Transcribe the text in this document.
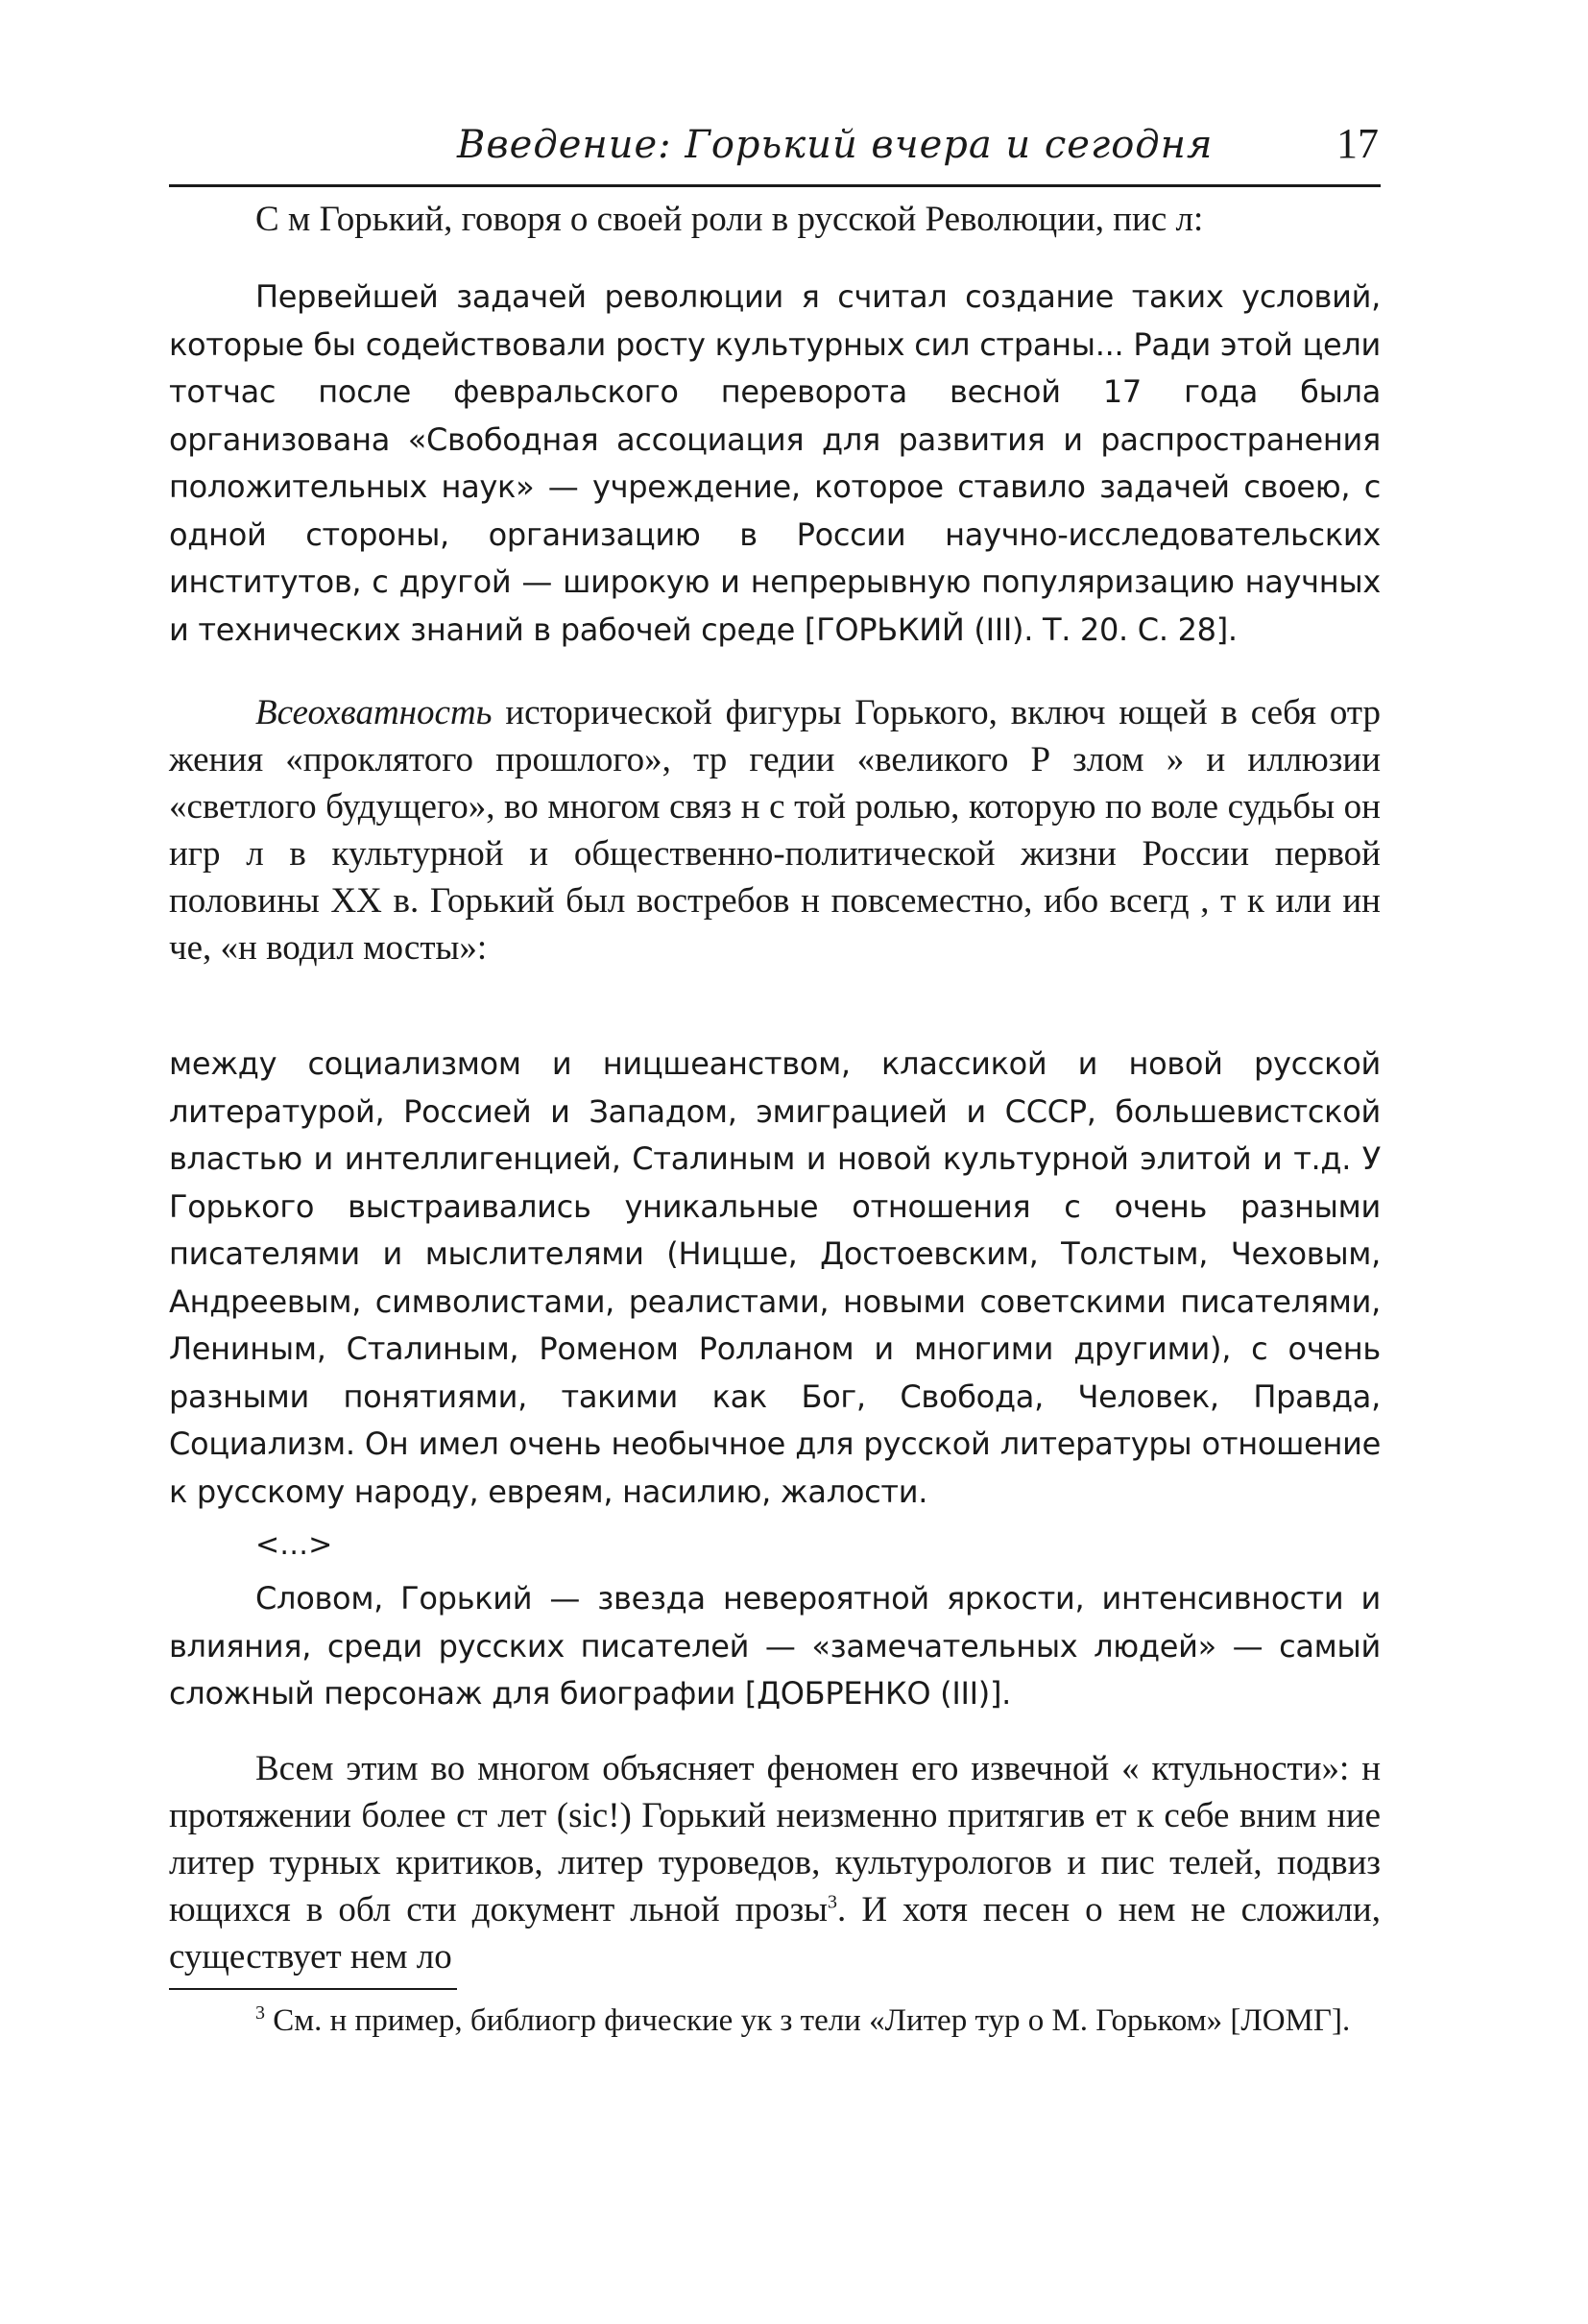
Введение: Горький вчера и сегодня	17

С м Горький, говоря о своей роли в русской Революции, пис л:

Первейшей задачей революции я считал создание таких условий, которые бы содействовали росту культурных сил страны... Ради этой цели тотчас после февральского переворота весной 17 года была организована «Свободная ассоциация для развития и распространения положительных наук» — учреждение, которое ставило задачей своею, с одной стороны, организацию в России научно-исследовательских институтов, с другой — широкую и непрерывную популяризацию научных и технических знаний в рабочей среде [ГОРЬКИЙ (III). Т. 20. С. 28].

Всеохватность исторической фигуры Горького, включ ющей в себя отр жения «проклятого прошлого», тр гедии «великого Р злом » и иллюзии «светлого будущего», во многом связ н с той ролью, которую по воле судьбы он игр л в культурной и общественно-политической жизни России первой половины XX в. Горький был востребов н повсеместно, ибо всегд , т к или ин че, «н водил мосты»:

между социализмом и ницшеанством, классикой и новой русской литературой, Россией и Западом, эмиграцией и СССР, большевистской властью и интеллигенцией, Сталиным и новой культурной элитой и т.д. У Горького выстраивались уникальные отношения с очень разными писателями и мыслителями (Ницше, Достоевским, Толстым, Чеховым, Андреевым, символистами, реалистами, новыми советскими писателями, Лениным, Сталиным, Роменом Ролланом и многими другими), с очень разными понятиями, такими как Бог, Свобода, Человек, Правда, Социализм. Он имел очень необычное для русской литературы отношение к русскому народу, евреям, насилию, жалости.

<…>

Словом, Горький — звезда невероятной яркости, интенсивности и влияния, среди русских писателей — «замечательных людей» — самый сложный персонаж для биографии [ДОБРЕНКО (III)].

Всем этим во многом объясняет феномен его извечной « ктульности»: н протяжении более ст лет (sic!) Горький неизменно притягив ет к себе вним ние литер турных критиков, литер туроведов, культурологов и пис телей, подвиз ющихся в обл сти документ льной прозы$^3$. И хотя песен о нем не сложили, существует нем ло

$^3$ См. н пример, библиогр фические ук з тели «Литер тур о М. Горьком» [ЛОМГ].
